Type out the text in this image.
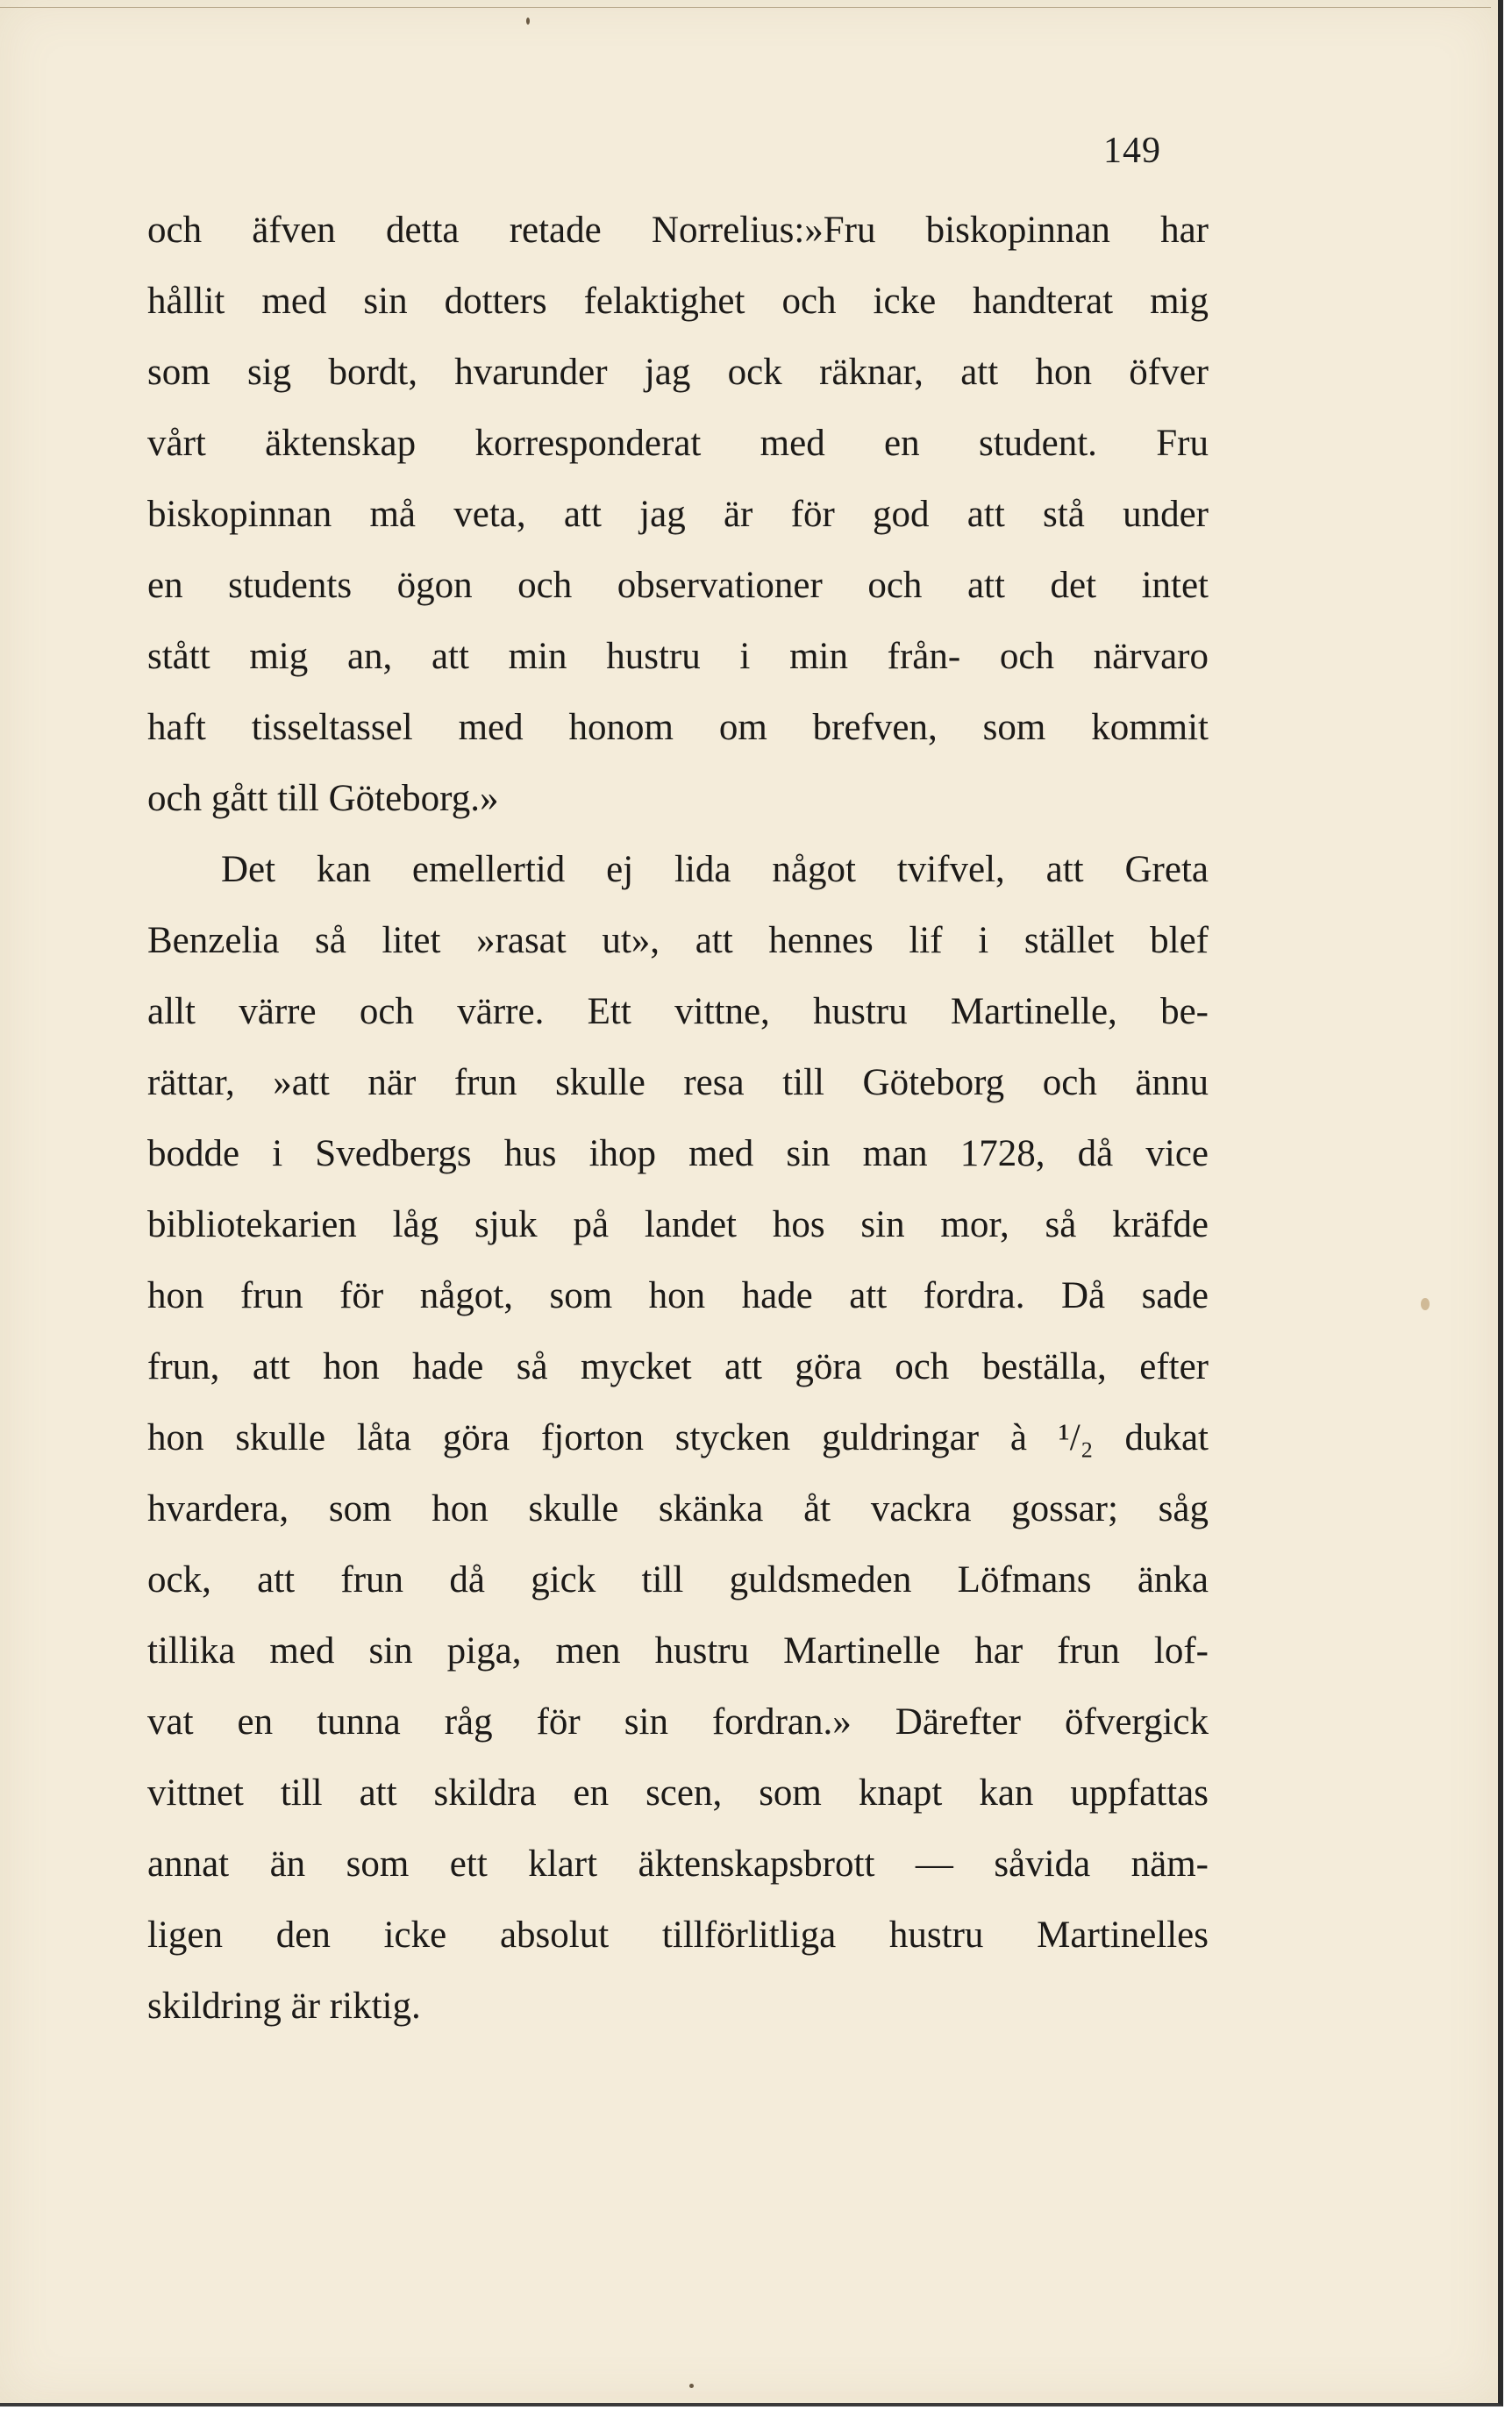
149
och äfven detta retade Norrelius:»Fru biskopinnan har
hållit med sin dotters felaktighet och icke handterat mig
som sig bordt, hvarunder jag ock räknar, att hon öfver
vårt äktenskap korresponderat med en student. Fru
biskopinnan må veta, att jag är för god att stå under
en students ögon och observationer och att det intet
stått mig an, att min hustru i min från- och närvaro
haft tisseltassel med honom om brefven, som kommit
och gått till Göteborg.»
Det kan emellertid ej lida något tvifvel, att Greta
Benzelia så litet »rasat ut», att hennes lif i stället blef
allt värre och värre. Ett vittne, hustru Martinelle, be-
rättar, »att när frun skulle resa till Göteborg och ännu
bodde i Svedbergs hus ihop med sin man 1728, då vice
bibliotekarien låg sjuk på landet hos sin mor, så kräfde
hon frun för något, som hon hade att fordra. Då sade
frun, att hon hade så mycket att göra och beställa, efter
hon skulle låta göra fjorton stycken guldringar à ¹/₂ dukat
hvardera, som hon skulle skänka åt vackra gossar; såg
ock, att frun då gick till guldsmeden Löfmans änka
tillika med sin piga, men hustru Martinelle har frun lof-
vat en tunna råg för sin fordran.» Därefter öfvergick
vittnet till att skildra en scen, som knapt kan uppfattas
annat än som ett klart äktenskapsbrott — såvida näm-
ligen den icke absolut tillförlitliga hustru Martinelles
skildring är riktig.
